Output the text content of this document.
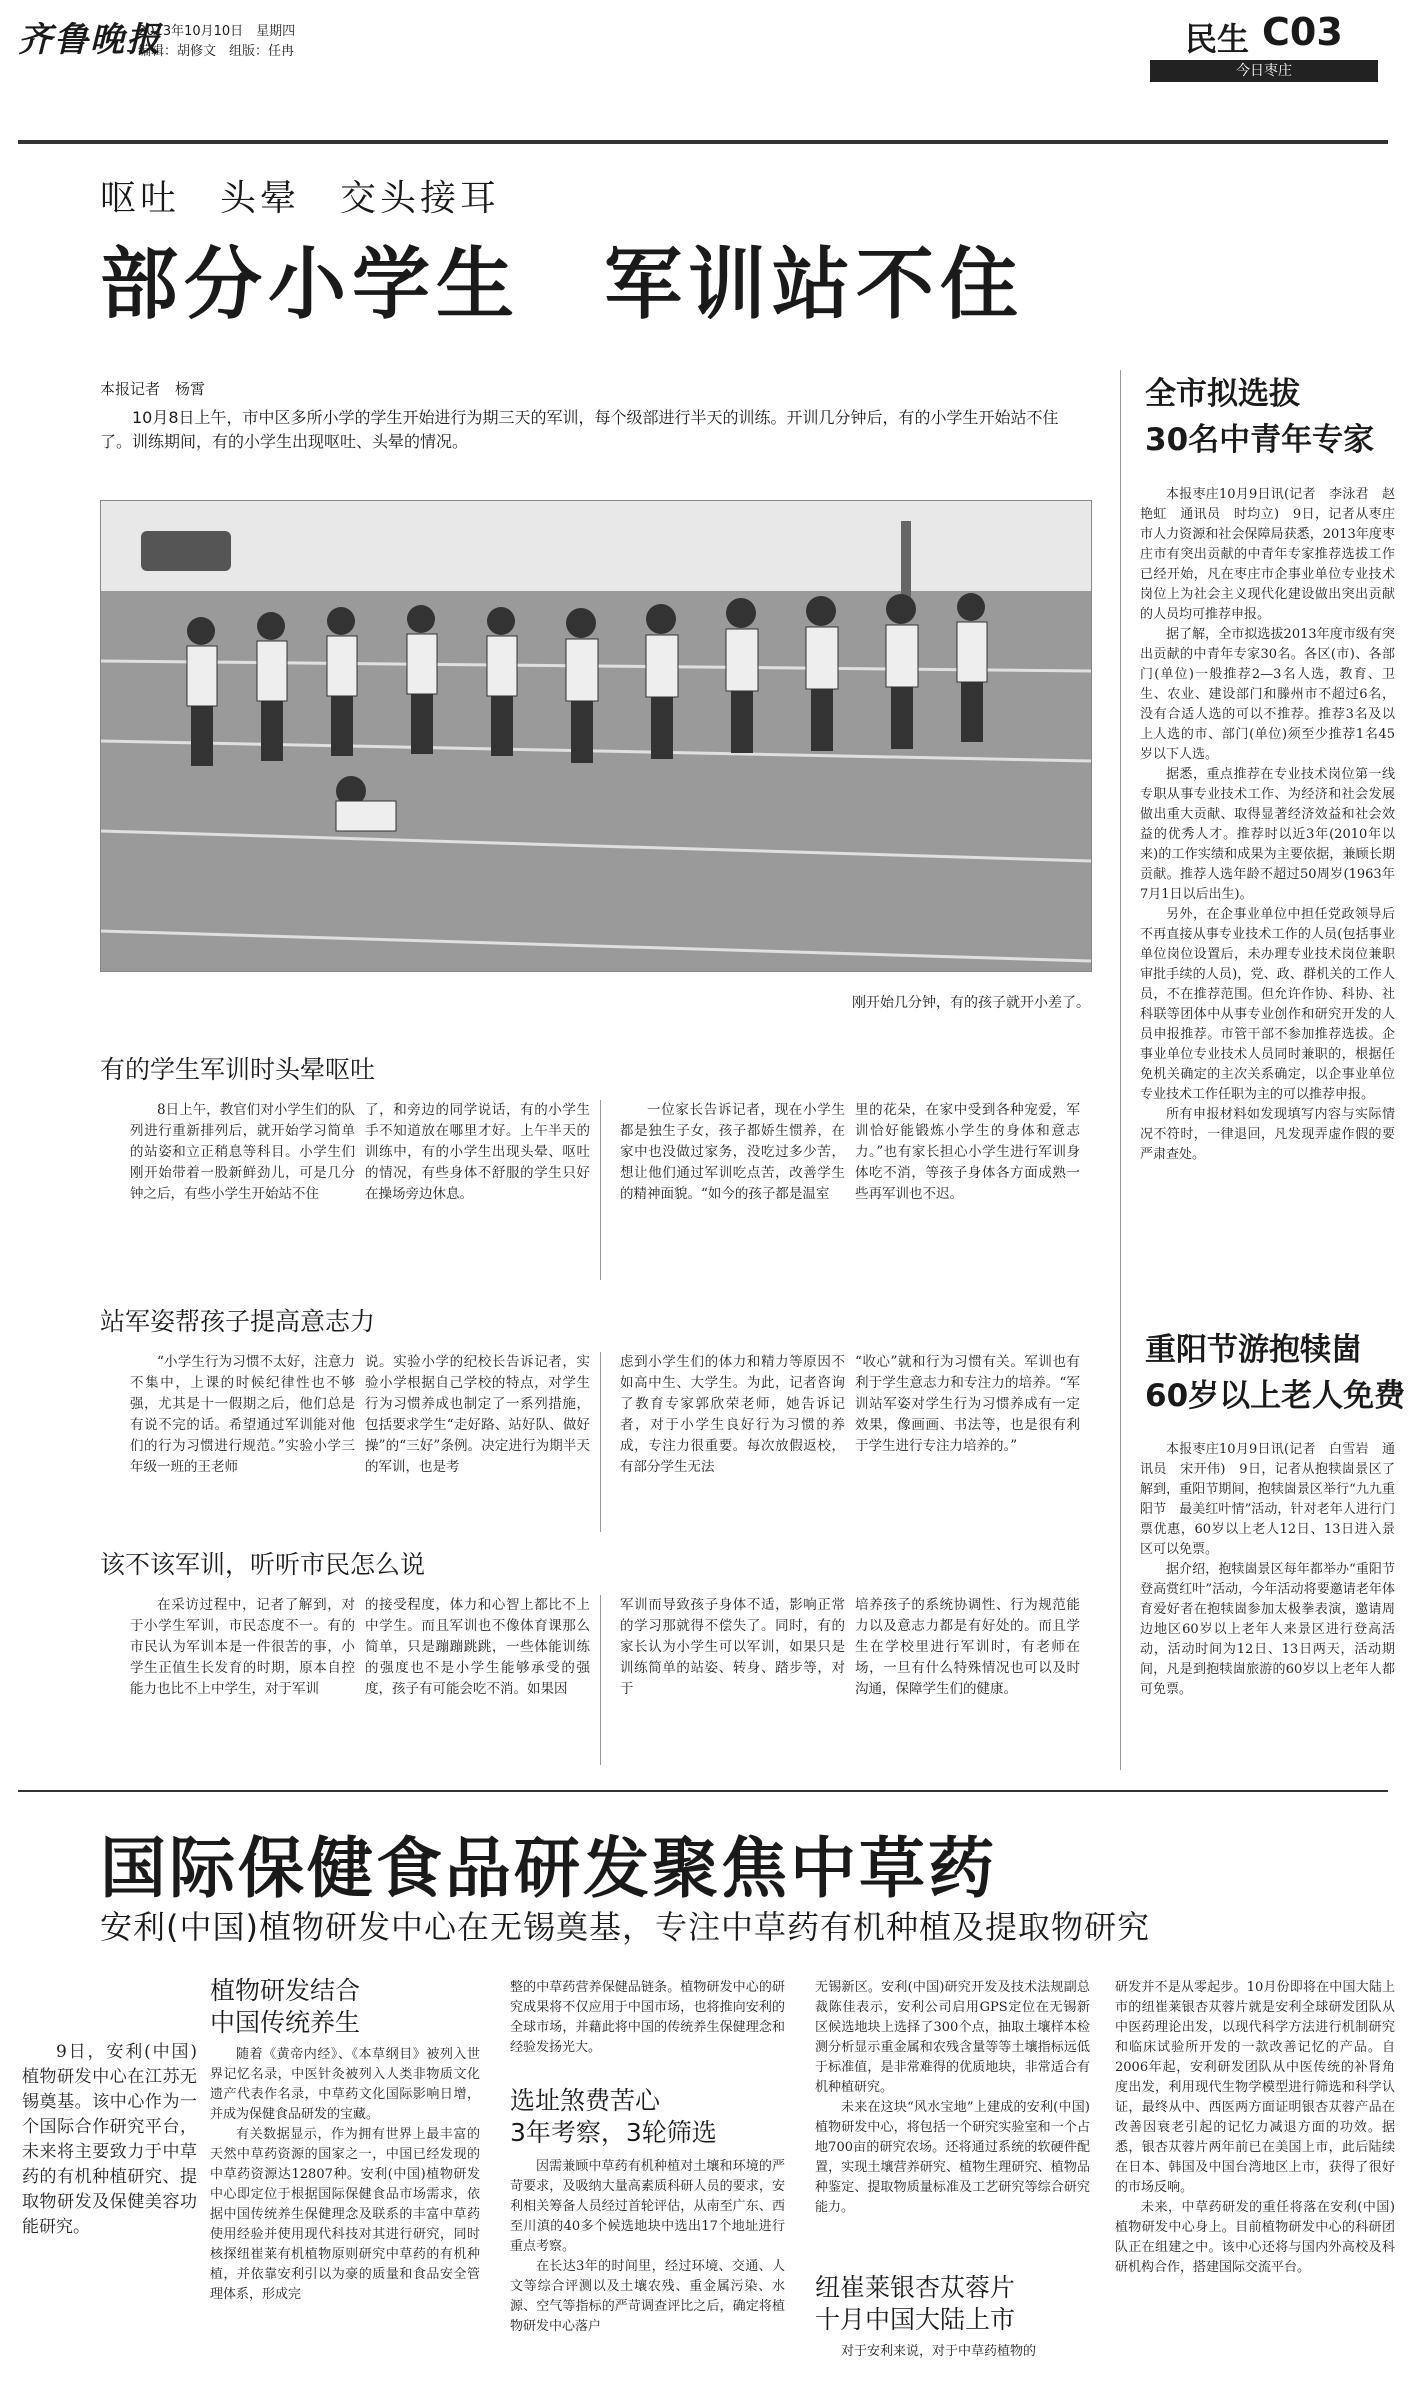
齐鲁晚报
2013年10月10日　星期四
编辑：胡修文　组版：任冉	民生 C03
今日枣庄
呕吐　头晕　交头接耳
部分小学生　军训站不住
本报记者　杨霄
10月8日上午，市中区多所小学的学生开始进行为期三天的军训，每个级部进行半天的训练。开训几分钟后，有的小学生开始站不住了。训练期间，有的小学生出现呕吐、头晕的情况。
刚开始几分钟，有的孩子就开小差了。
有的学生军训时头晕呕吐

8日上午，教官们对小学生们的队列进行重新排列后，就开始学习简单的站姿和立正稍息等科目。小学生们刚开始带着一股新鲜劲儿，可是几分钟之后，有些小学生开始站不住

了，和旁边的同学说话，有的小学生手不知道放在哪里才好。上午半天的训练中，有的小学生出现头晕、呕吐的情况，有些身体不舒服的学生只好在操场旁边休息。

一位家长告诉记者，现在小学生都是独生子女，孩子都娇生惯养，在家中也没做过家务，没吃过多少苦，想让他们通过军训吃点苦，改善学生的精神面貌。“如今的孩子都是温室

里的花朵，在家中受到各种宠爱，军训恰好能锻炼小学生的身体和意志力。”也有家长担心小学生进行军训身体吃不消，等孩子身体各方面成熟一些再军训也不迟。

站军姿帮孩子提高意志力

“小学生行为习惯不太好，注意力不集中，上课的时候纪律性也不够强，尤其是十一假期之后，他们总是有说不完的话。希望通过军训能对他们的行为习惯进行规范。”实验小学三年级一班的王老师

说。实验小学的纪校长告诉记者，实验小学根据自己学校的特点，对学生行为习惯养成也制定了一系列措施，包括要求学生“走好路、站好队、做好操”的“三好”条例。决定进行为期半天的军训，也是考

虑到小学生们的体力和精力等原因不如高中生、大学生。为此，记者咨询了教育专家郭欣荣老师，她告诉记者，对于小学生良好行为习惯的养成，专注力很重要。每次放假返校，有部分学生无法

“收心”就和行为习惯有关。军训也有利于学生意志力和专注力的培养。“军训站军姿对学生行为习惯养成有一定效果，像画画、书法等，也是很有利于学生进行专注力培养的。”

该不该军训，听听市民怎么说

在采访过程中，记者了解到，对于小学生军训，市民态度不一。有的市民认为军训本是一件很苦的事，小学生正值生长发育的时期，原本自控能力也比不上中学生，对于军训

的接受程度，体力和心智上都比不上中学生。而且军训也不像体育课那么简单，只是蹦蹦跳跳，一些体能训练的强度也不是小学生能够承受的强度，孩子有可能会吃不消。如果因

军训而导致孩子身体不适，影响正常的学习那就得不偿失了。同时，有的家长认为小学生可以军训，如果只是训练简单的站姿、转身、踏步等，对于

培养孩子的系统协调性、行为规范能力以及意志力都是有好处的。而且学生在学校里进行军训时，有老师在场，一旦有什么特殊情况也可以及时沟通，保障学生们的健康。

全市拟选拔
30名中青年专家

本报枣庄10月9日讯(记者　李泳君　赵艳虹　通讯员　时均立)　9日，记者从枣庄市人力资源和社会保障局获悉，2013年度枣庄市有突出贡献的中青年专家推荐选拔工作已经开始，凡在枣庄市企事业单位专业技术岗位上为社会主义现代化建设做出突出贡献的人员均可推荐申报。

据了解，全市拟选拔2013年度市级有突出贡献的中青年专家30名。各区(市)、各部门(单位)一般推荐2—3名人选，教育、卫生、农业、建设部门和滕州市不超过6名，没有合适人选的可以不推荐。推荐3名及以上人选的市、部门(单位)须至少推荐1名45岁以下人选。

据悉，重点推荐在专业技术岗位第一线专职从事专业技术工作、为经济和社会发展做出重大贡献、取得显著经济效益和社会效益的优秀人才。推荐时以近3年(2010年以来)的工作实绩和成果为主要依据，兼顾长期贡献。推荐人选年龄不超过50周岁(1963年7月1日以后出生)。

另外，在企事业单位中担任党政领导后不再直接从事专业技术工作的人员(包括事业单位岗位设置后，未办理专业技术岗位兼职审批手续的人员)，党、政、群机关的工作人员，不在推荐范围。但允许作协、科协、社科联等团体中从事专业创作和研究开发的人员申报推荐。市管干部不参加推荐选拔。企事业单位专业技术人员同时兼职的，根据任免机关确定的主次关系确定，以企事业单位专业技术工作任职为主的可以推荐申报。

所有申报材料如发现填写内容与实际情况不符时，一律退回，凡发现弄虚作假的要严肃查处。

重阳节游抱犊崮
60岁以上老人免费

本报枣庄10月9日讯(记者　白雪岩　通讯员　宋开伟)　9日，记者从抱犊崮景区了解到，重阳节期间，抱犊崮景区举行“九九重阳节　最美红叶情”活动，针对老年人进行门票优惠，60岁以上老人12日、13日进入景区可以免票。

据介绍，抱犊崮景区每年都举办“重阳节登高赏红叶”活动，今年活动将要邀请老年体育爱好者在抱犊崮参加太极拳表演，邀请周边地区60岁以上老年人来景区进行登高活动，活动时间为12日、13日两天，活动期间，凡是到抱犊崮旅游的60岁以上老年人都可免票。

国际保健食品研发聚焦中草药
安利(中国)植物研发中心在无锡奠基，专注中草药有机种植及提取物研究

9日，安利(中国)植物研发中心在江苏无锡奠基。该中心作为一个国际合作研究平台，未来将主要致力于中草药的有机种植研究、提取物研发及保健美容功能研究。

植物研发结合
中国传统养生

随着《黄帝内经》、《本草纲目》被列入世界记忆名录，中医针灸被列入人类非物质文化遗产代表作名录，中草药文化国际影响日增，并成为保健食品研发的宝藏。

有关数据显示，作为拥有世界上最丰富的天然中草药资源的国家之一，中国已经发现的中草药资源达12807种。安利(中国)植物研发中心即定位于根据国际保健食品市场需求，依据中国传统养生保健理念及联系的丰富中草药使用经验并使用现代科技对其进行研究，同时核探纽崔莱有机植物原则研究中草药的有机种植，并依靠安利引以为豪的质量和食品安全管理体系，形成完

整的中草药营养保健品链条。植物研发中心的研究成果将不仅应用于中国市场，也将推向安利的全球市场，并藉此将中国的传统养生保健理念和经验发扬光大。

选址煞费苦心
3年考察，3轮筛选

因需兼顾中草药有机种植对土壤和环境的严苛要求，及吸纳大量高素质科研人员的要求，安利相关筹备人员经过首轮评估，从南至广东、西至川滇的40多个候选地块中选出17个地址进行重点考察。

在长达3年的时间里，经过环境、交通、人文等综合评测以及土壤农残、重金属污染、水源、空气等指标的严苛调查评比之后，确定将植物研发中心落户

无锡新区。安利(中国)研究开发及技术法规副总裁陈佳表示，安利公司启用GPS定位在无锡新区候选地块上选择了300个点，抽取土壤样本检测分析显示重金属和农残含量等等土壤指标远低于标准值，是非常难得的优质地块，非常适合有机种植研究。

未来在这块“风水宝地”上建成的安利(中国)植物研发中心，将包括一个研究实验室和一个占地700亩的研究农场。还将通过系统的软硬件配置，实现土壤营养研究、植物生理研究、植物品种鉴定、提取物质量标准及工艺研究等综合研究能力。

纽崔莱银杏苁蓉片
十月中国大陆上市

对于安利来说，对于中草药植物的

研发并不是从零起步。10月份即将在中国大陆上市的纽崔莱银杏苁蓉片就是安利全球研发团队从中医药理论出发，以现代科学方法进行机制研究和临床试验所开发的一款改善记忆的产品。自2006年起，安利研发团队从中医传统的补肾角度出发，利用现代生物学模型进行筛选和科学认证，最终从中、西医两方面证明银杏苁蓉产品在改善因衰老引起的记忆力减退方面的功效。据悉，银杏苁蓉片两年前已在美国上市，此后陆续在日本、韩国及中国台湾地区上市，获得了很好的市场反响。

未来，中草药研发的重任将落在安利(中国)植物研发中心身上。目前植物研发中心的科研团队正在组建之中。该中心还将与国内外高校及科研机构合作，搭建国际交流平台。
